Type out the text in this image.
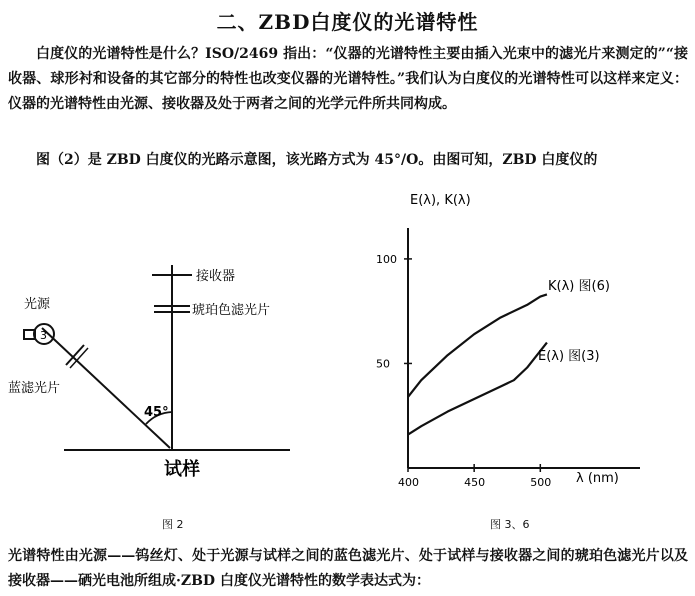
二、ZBD白度仪的光谱特性
白度仪的光谱特性是什么？ISO/2469 指出：“仪器的光谱特性主要由插入光束中的滤光片来测定的”“接收器、球形衬和设备的其它部分的特性也改变仪器的光谱特性。”我们认为白度仪的光谱特性可以这样来定义：仪器的光谱特性由光源、接收器及处于两者之间的光学元件所共同构成。
图（2）是 ZBD 白度仪的光路示意图，该光路方式为 45°/O。由图可知，ZBD 白度仪的
3
光源
蓝滤光片
接收器
琥珀色滤光片
45°
试样
图 2
50
100
400	450	500
E(λ), K(λ)
λ (nm)
K(λ) 图(6)
E(λ) 图(3)
图 3、6
光谱特性由光源——钨丝灯、处于光源与试样之间的蓝色滤光片、处于试样与接收器之间的琥珀色滤光片以及接收器——硒光电池所组成·ZBD 白度仪光谱特性的数学表达式为：
